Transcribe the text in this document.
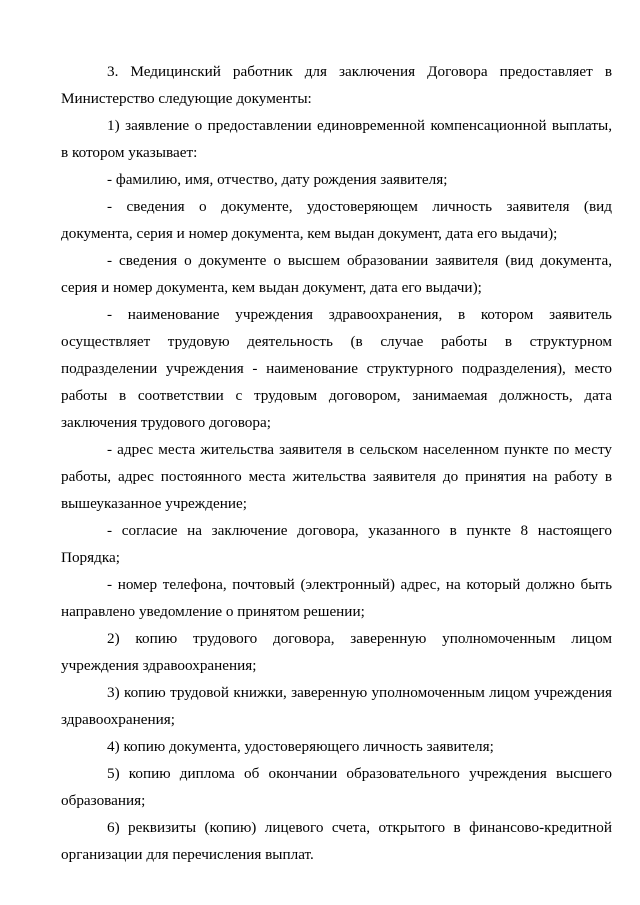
3. Медицинский работник для заключения Договора предоставляет в Министерство следующие документы:

1) заявление о предоставлении единовременной компенсационной выплаты, в котором указывает:

- фамилию, имя, отчество, дату рождения заявителя;

- сведения о документе, удостоверяющем личность заявителя (вид документа, серия и номер документа, кем выдан документ, дата его выдачи);

- сведения о документе о высшем образовании заявителя (вид документа, серия и номер документа, кем выдан документ, дата его выдачи);

- наименование учреждения здравоохранения, в котором заявитель осуществляет трудовую деятельность (в случае работы в структурном подразделении учреждения - наименование структурного подразделения), место работы в соответствии с трудовым договором, занимаемая должность, дата заключения трудового договора;

- адрес места жительства заявителя в сельском населенном пункте по месту работы, адрес постоянного места жительства заявителя до принятия на работу в вышеуказанное учреждение;

- согласие на заключение договора, указанного в пункте 8 настоящего Порядка;

- номер телефона, почтовый (электронный) адрес, на который должно быть направлено уведомление о принятом решении;

2) копию трудового договора, заверенную уполномоченным лицом учреждения здравоохранения;

3) копию трудовой книжки, заверенную уполномоченным лицом учреждения здравоохранения;

4) копию документа, удостоверяющего личность заявителя;

5) копию диплома об окончании образовательного учреждения высшего образования;

6) реквизиты (копию) лицевого счета, открытого в финансово-кредитной организации для перечисления выплат.
